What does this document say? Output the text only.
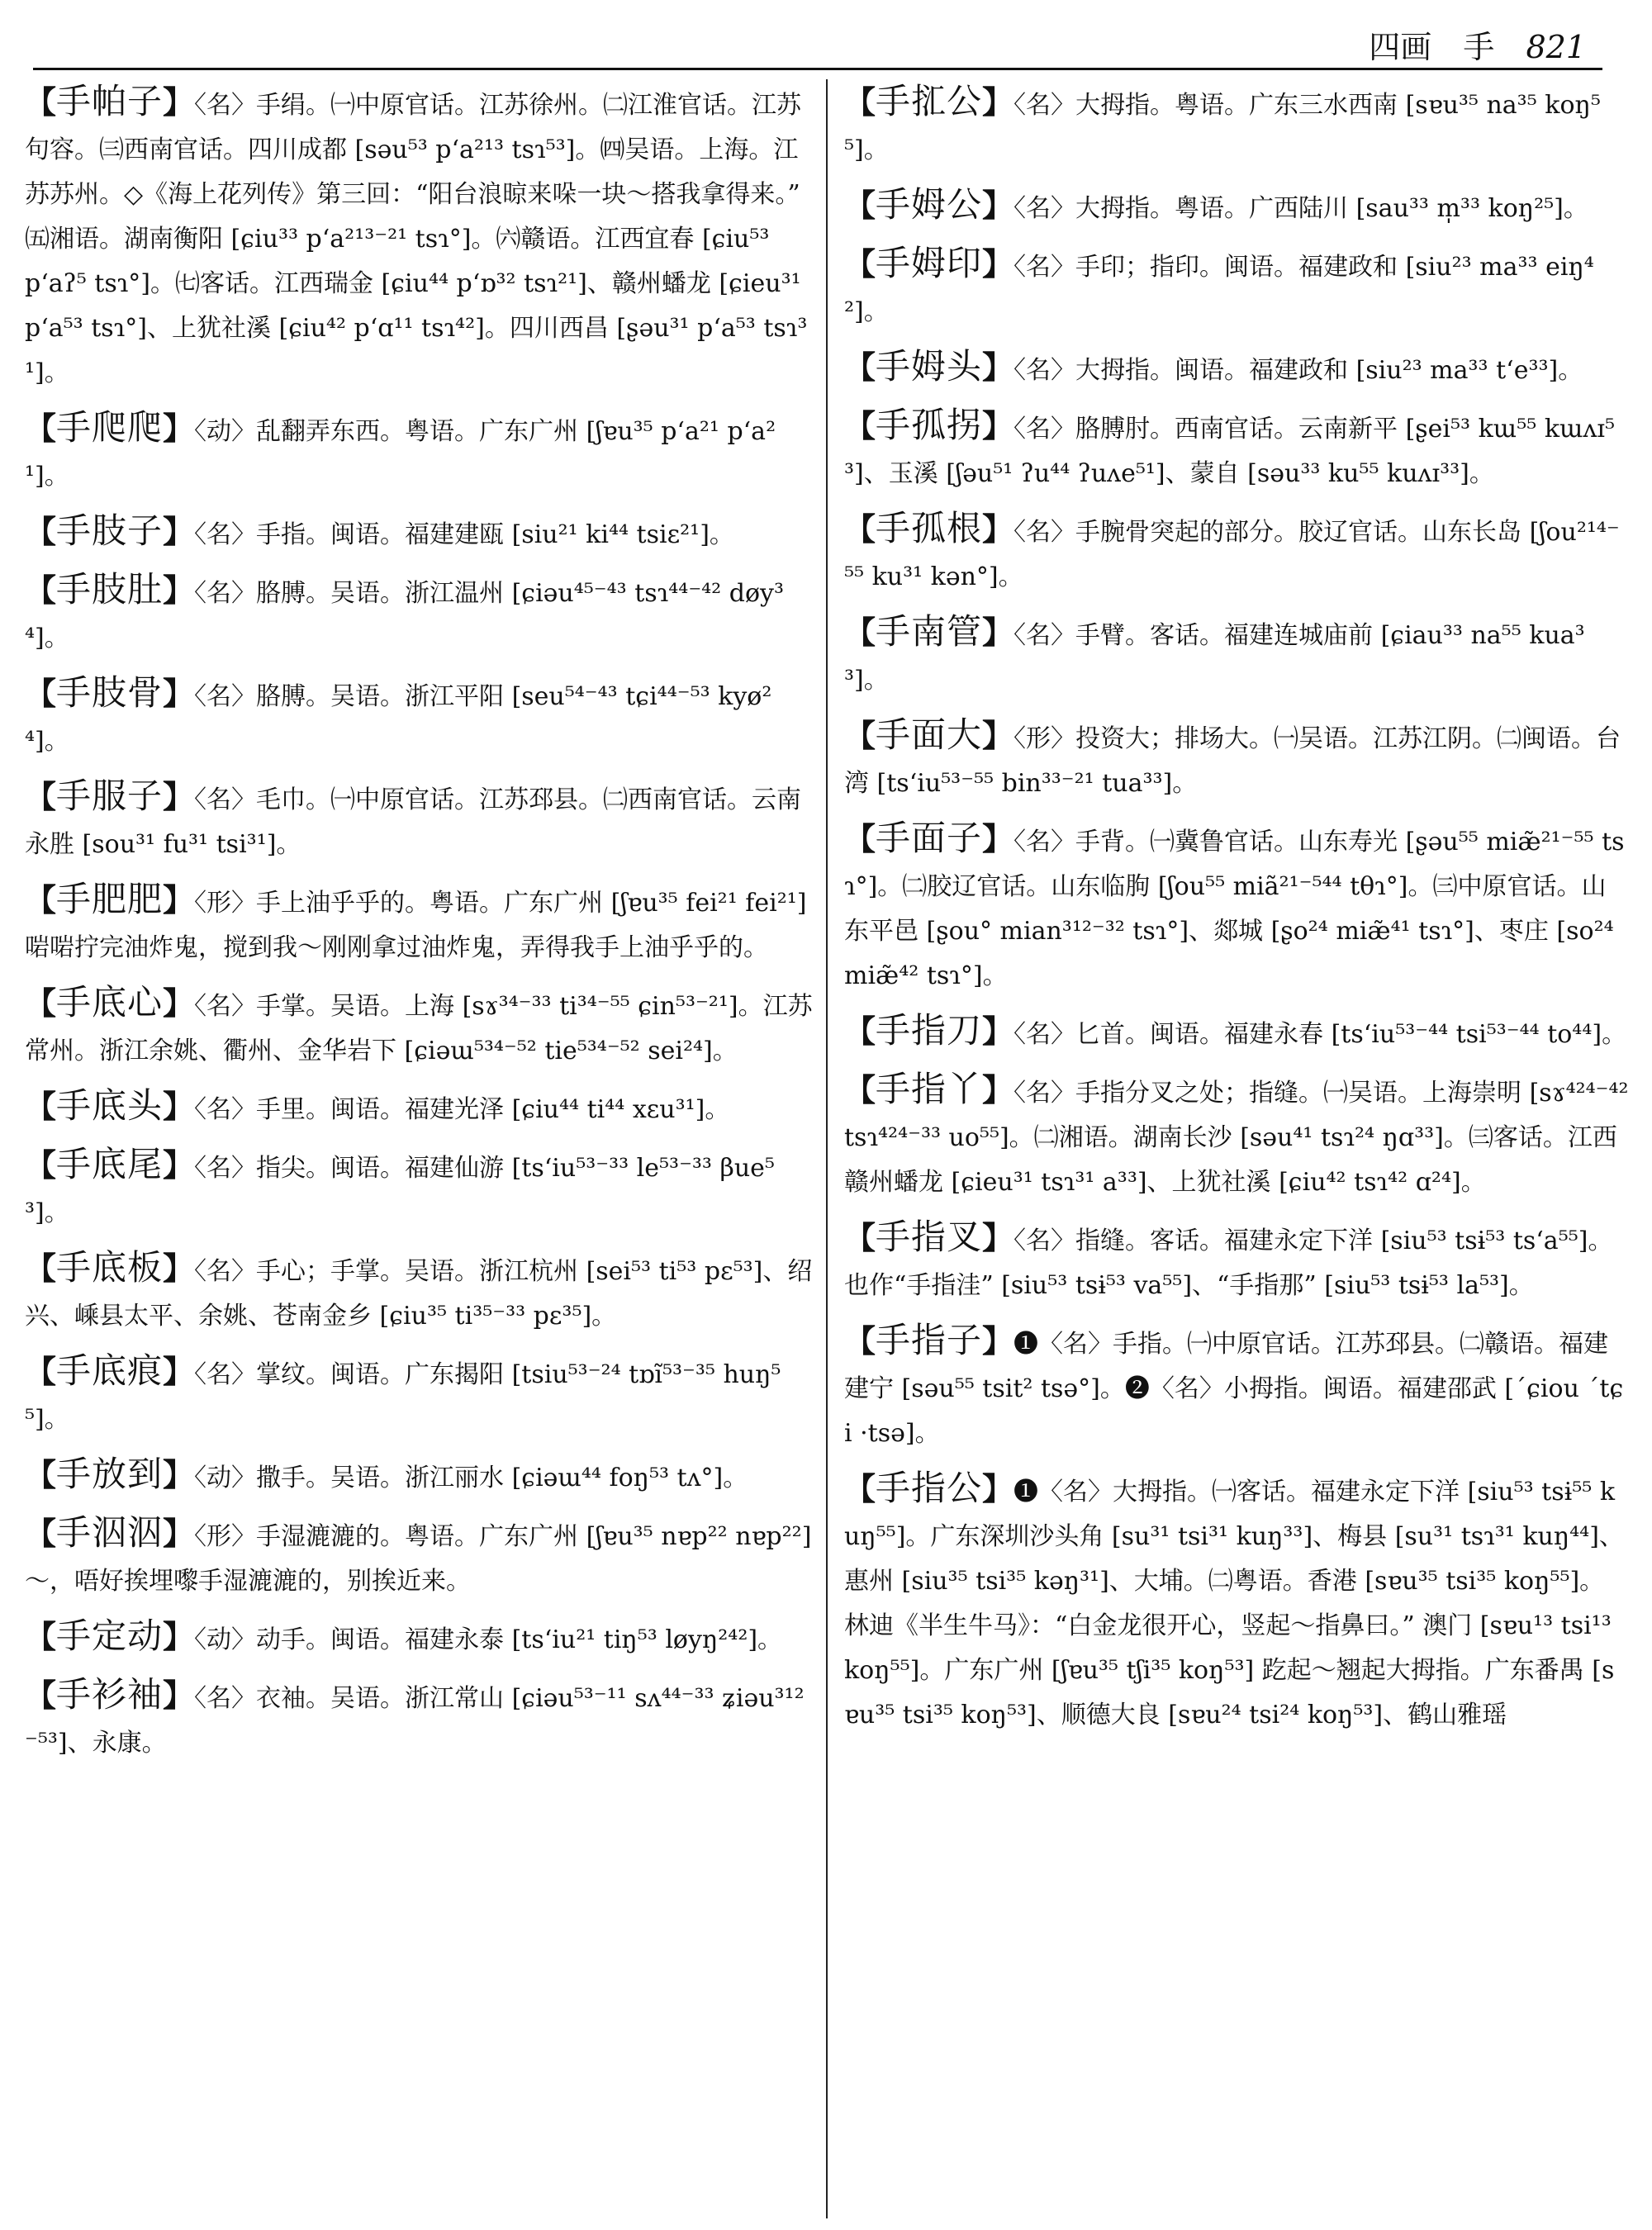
四画 手 821

【手帕子】〈名〉手绢。㈠中原官话。江苏徐州。㈡江淮官话。江苏句容。㈢西南官话。四川成都 [sәu⁵³ p‘a²¹³ tsɿ⁵³]。㈣吴语。上海。江苏苏州。◇《海上花列传》第三回：“阳台浪晾来哚一块～搭我拿得来。” ㈤湘语。湖南衡阳 [ɕiu³³ p‘a²¹³⁻²¹ tsɿ°]。㈥赣语。江西宜春 [ɕiu⁵³ p‘aʔ⁵ tsɿ°]。㈦客话。江西瑞金 [ɕiu⁴⁴ p‘ɒ³² tsɿ²¹]、赣州蟠龙 [ɕieu³¹ p‘a⁵³ tsɿ°]、上犹社溪 [ɕiu⁴² p‘ɑ¹¹ tsɿ⁴²]。四川西昌 [ʂәu³¹ p‘a⁵³ tsɿ³¹]。

【手爬爬】〈动〉乱翻弄东西。粤语。广东广州 [ʃɐu³⁵ p‘a²¹ p‘a²¹]。

【手肢子】〈名〉手指。闽语。福建建瓯 [siu²¹ ki⁴⁴ tsiɛ²¹]。

【手肢肚】〈名〉胳膊。吴语。浙江温州 [ɕiәu⁴⁵⁻⁴³ tsɿ⁴⁴⁻⁴² døy³⁴]。

【手肢骨】〈名〉胳膊。吴语。浙江平阳 [seu⁵⁴⁻⁴³ tɕi⁴⁴⁻⁵³ kyø²⁴]。

【手服子】〈名〉毛巾。㈠中原官话。江苏邳县。㈡西南官话。云南永胜 [sou³¹ fu³¹ tsi³¹]。

【手肥肥】〈形〉手上油乎乎的。粤语。广东广州 [ʃɐu³⁵ fei²¹ fei²¹] 啱啱拧完油炸鬼，搅到我～刚刚拿过油炸鬼，弄得我手上油乎乎的。

【手底心】〈名〉手掌。吴语。上海 [sɤ³⁴⁻³³ ti³⁴⁻⁵⁵ ɕin⁵³⁻²¹]。江苏常州。浙江余姚、衢州、金华岩下 [ɕiәɯ⁵³⁴⁻⁵² tie⁵³⁴⁻⁵² sei²⁴]。

【手底头】〈名〉手里。闽语。福建光泽 [ɕiu⁴⁴ ti⁴⁴ xɛu³¹]。

【手底尾】〈名〉指尖。闽语。福建仙游 [ts‘iu⁵³⁻³³ le⁵³⁻³³ βue⁵³]。

【手底板】〈名〉手心；手掌。吴语。浙江杭州 [sei⁵³ ti⁵³ pɛ⁵³]、绍兴、嵊县太平、余姚、苍南金乡 [ɕiu³⁵ ti³⁵⁻³³ pɛ³⁵]。

【手底痕】〈名〉掌纹。闽语。广东揭阳 [tsiu⁵³⁻²⁴ tɒĩ⁵³⁻³⁵ huŋ⁵⁵]。

【手放到】〈动〉撒手。吴语。浙江丽水 [ɕiәɯ⁴⁴ foŋ⁵³ tʌ°]。

【手泅泅】〈形〉手湿漉漉的。粤语。广东广州 [ʃɐu³⁵ nɐp²² nɐp²²]～，唔好挨埋嚟手湿漉漉的，别挨近来。

【手定动】〈动〉动手。闽语。福建永泰 [ts‘iu²¹ tiŋ⁵³ løyŋ²⁴²]。

【手衫袖】〈名〉衣袖。吴语。浙江常山 [ɕiәu⁵³⁻¹¹ sʌ⁴⁴⁻³³ ʑiәu³¹²⁻⁵³]、永康。

【手㧟公】〈名〉大拇指。粤语。广东三水西南 [sɐu³⁵ na³⁵ koŋ⁵⁵]。

【手姆公】〈名〉大拇指。粤语。广西陆川 [sau³³ m̩³³ koŋ²⁵]。

【手姆印】〈名〉手印；指印。闽语。福建政和 [siu²³ ma³³ eiŋ⁴²]。

【手姆头】〈名〉大拇指。闽语。福建政和 [siu²³ ma³³ t‘e³³]。

【手孤拐】〈名〉胳膊肘。西南官话。云南新平 [ʂei⁵³ kɯ⁵⁵ kɯʌɪ⁵³]、玉溪 [ʃәu⁵¹ ʔu⁴⁴ ʔuʌe⁵¹]、蒙自 [sәu³³ ku⁵⁵ kuʌɪ³³]。

【手孤根】〈名〉手腕骨突起的部分。胶辽官话。山东长岛 [ʃou²¹⁴⁻⁵⁵ ku³¹ kәn°]。

【手南管】〈名〉手臂。客话。福建连城庙前 [ɕiau³³ na⁵⁵ kua³³]。

【手面大】〈形〉投资大；排场大。㈠吴语。江苏江阴。㈡闽语。台湾 [ts‘iu⁵³⁻⁵⁵ bin³³⁻²¹ tua³³]。

【手面子】〈名〉手背。㈠冀鲁官话。山东寿光 [ʂәu⁵⁵ miæ̃²¹⁻⁵⁵ tsɿ°]。㈡胶辽官话。山东临朐 [ʃou⁵⁵ miã²¹⁻⁵⁴⁴ tθɿ°]。㈢中原官话。山东平邑 [ʂou° mian³¹²⁻³² tsɿ°]、郯城 [ʂo²⁴ miæ̃⁴¹ tsɿ°]、枣庄 [so²⁴ miæ̃⁴² tsɿ°]。

【手指刀】〈名〉匕首。闽语。福建永春 [ts‘iu⁵³⁻⁴⁴ tsi⁵³⁻⁴⁴ to⁴⁴]。

【手指丫】〈名〉手指分叉之处；指缝。㈠吴语。上海崇明 [sɤ⁴²⁴⁻⁴² tsɿ⁴²⁴⁻³³ uo⁵⁵]。㈡湘语。湖南长沙 [sәu⁴¹ tsɿ²⁴ ŋɑ³³]。㈢客话。江西赣州蟠龙 [ɕieu³¹ tsɿ³¹ a³³]、上犹社溪 [ɕiu⁴² tsɿ⁴² ɑ²⁴]。

【手指叉】〈名〉指缝。客话。福建永定下洋 [siu⁵³ tsɨ⁵³ ts‘a⁵⁵]。也作“手指洼” [siu⁵³ tsɨ⁵³ va⁵⁵]、“手指那” [siu⁵³ tsɨ⁵³ la⁵³]。

【手指子】❶〈名〉手指。㈠中原官话。江苏邳县。㈡赣语。福建建宁 [sәu⁵⁵ tsit² tsә°]。❷〈名〉小拇指。闽语。福建邵武 [ˊɕiou ˊtɕi ·tsә]。

【手指公】❶〈名〉大拇指。㈠客话。福建永定下洋 [siu⁵³ tsɨ⁵⁵ kuŋ⁵⁵]。广东深圳沙头角 [su³¹ tsi³¹ kuŋ³³]、梅县 [su³¹ tsɿ³¹ kuŋ⁴⁴]、惠州 [siu³⁵ tsi³⁵ kәŋ³¹]、大埔。㈡粤语。香港 [sɐu³⁵ tsi³⁵ koŋ⁵⁵]。林迪《半生牛马》：“白金龙很开心，竖起～指鼻曰。” 澳门 [sɐu¹³ tsi¹³ koŋ⁵⁵]。广东广州 [ʃɐu³⁵ tʃi³⁵ koŋ⁵³] 趷起～翘起大拇指。广东番禺 [sɐu³⁵ tsi³⁵ koŋ⁵³]、顺德大良 [sɐu²⁴ tsi²⁴ koŋ⁵³]、鹤山雅瑶
